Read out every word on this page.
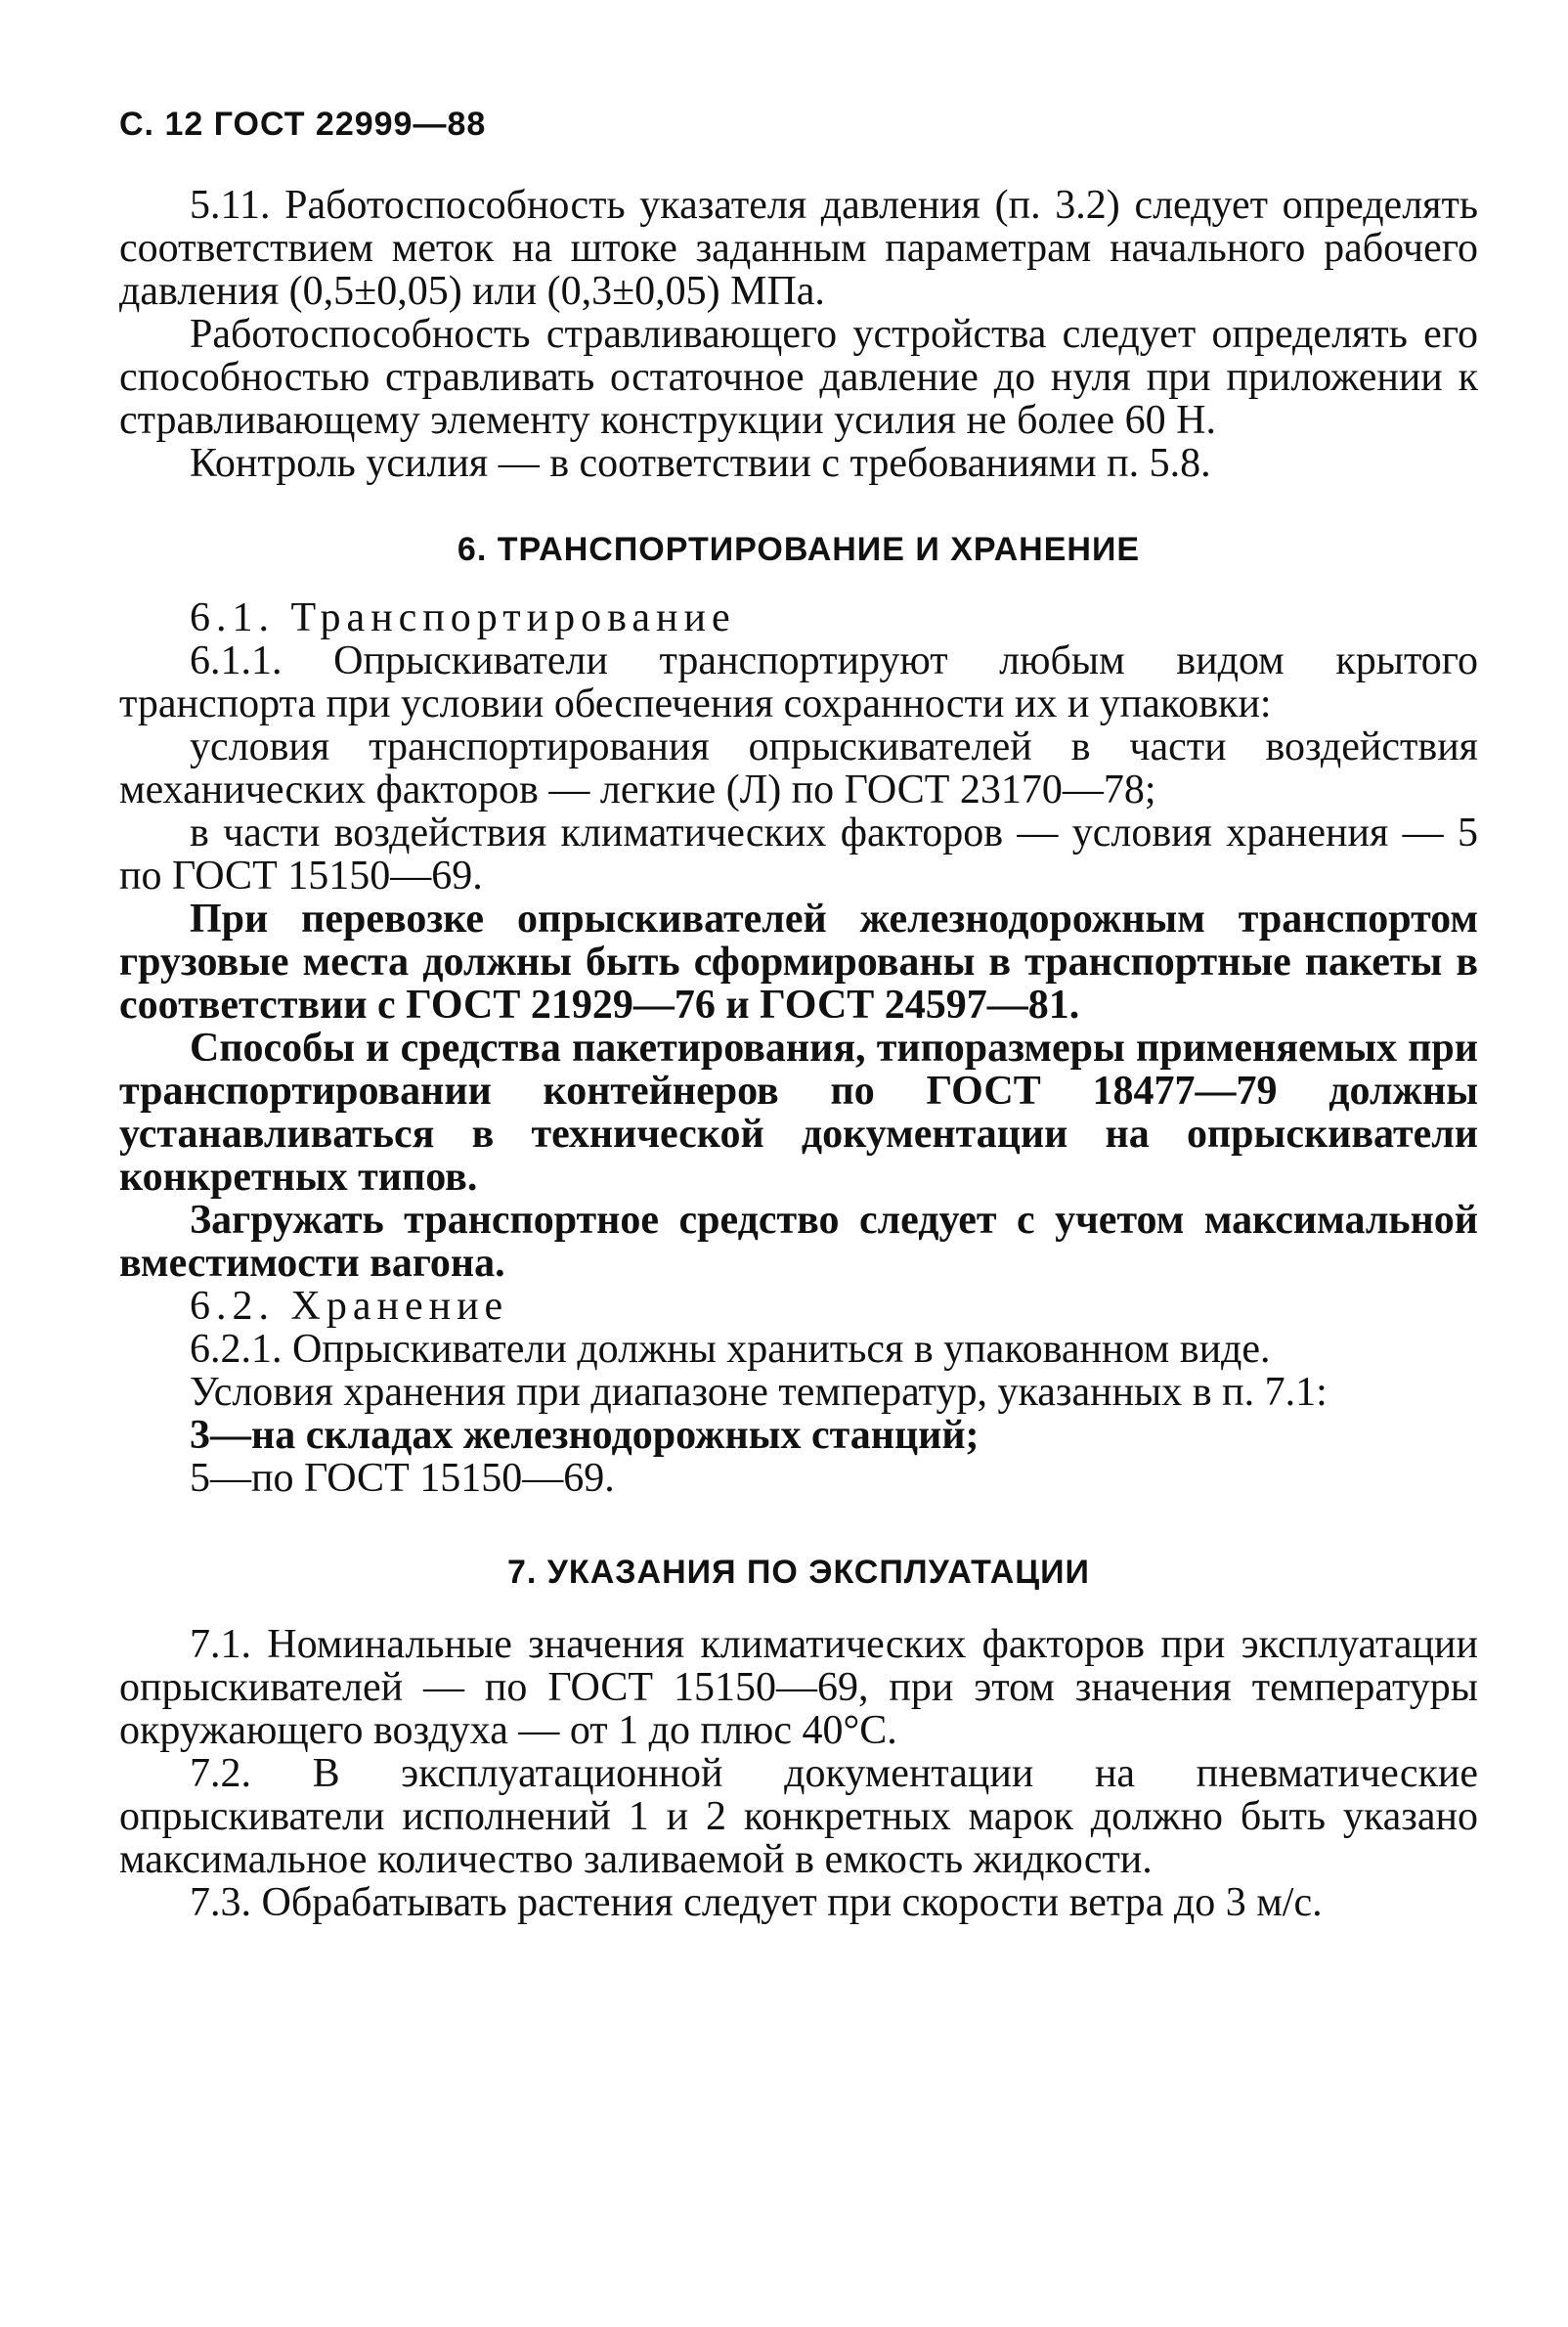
С. 12 ГОСТ 22999—88

5.11. Работоспособность указателя давления (п. 3.2) следует определять соответствием меток на штоке заданным параметрам начального рабочего давления (0,5±0,05) или (0,3±0,05) МПа.

Работоспособность стравливающего устройства следует определять его способностью стравливать остаточное давление до нуля при приложении к стравливающему элементу конструкции усилия не более 60 Н.

Контроль усилия — в соответствии с требованиями п. 5.8.

6. ТРАНСПОРТИРОВАНИЕ И ХРАНЕНИЕ

6.1. Транспортирование

6.1.1. Опрыскиватели транспортируют любым видом крытого транспорта при условии обеспечения сохранности их и упаковки:

условия транспортирования опрыскивателей в части воздействия механических факторов — легкие (Л) по ГОСТ 23170—78;

в части воздействия климатических факторов — условия хранения — 5 по ГОСТ 15150—69.

При перевозке опрыскивателей железнодорожным транспортом грузовые места должны быть сформированы в транспортные пакеты в соответствии с ГОСТ 21929—76 и ГОСТ 24597—81.

Способы и средства пакетирования, типоразмеры применяемых при транспортировании контейнеров по ГОСТ 18477—79 должны устанавливаться в технической документации на опрыскиватели конкретных типов.

Загружать транспортное средство следует с учетом максимальной вместимости вагона.

6.2. Хранение

6.2.1. Опрыскиватели должны храниться в упакованном виде.

Условия хранения при диапазоне температур, указанных в п. 7.1:

3—на складах железнодорожных станций;

5—по ГОСТ 15150—69.

7. УКАЗАНИЯ ПО ЭКСПЛУАТАЦИИ

7.1. Номинальные значения климатических факторов при эксплуатации опрыскивателей — по ГОСТ 15150—69, при этом значения температуры окружающего воздуха — от 1 до плюс 40°С.

7.2. В эксплуатационной документации на пневматические опрыскиватели исполнений 1 и 2 конкретных марок должно быть указано максимальное количество заливаемой в емкость жидкости.

7.3. Обрабатывать растения следует при скорости ветра до 3 м/с.
